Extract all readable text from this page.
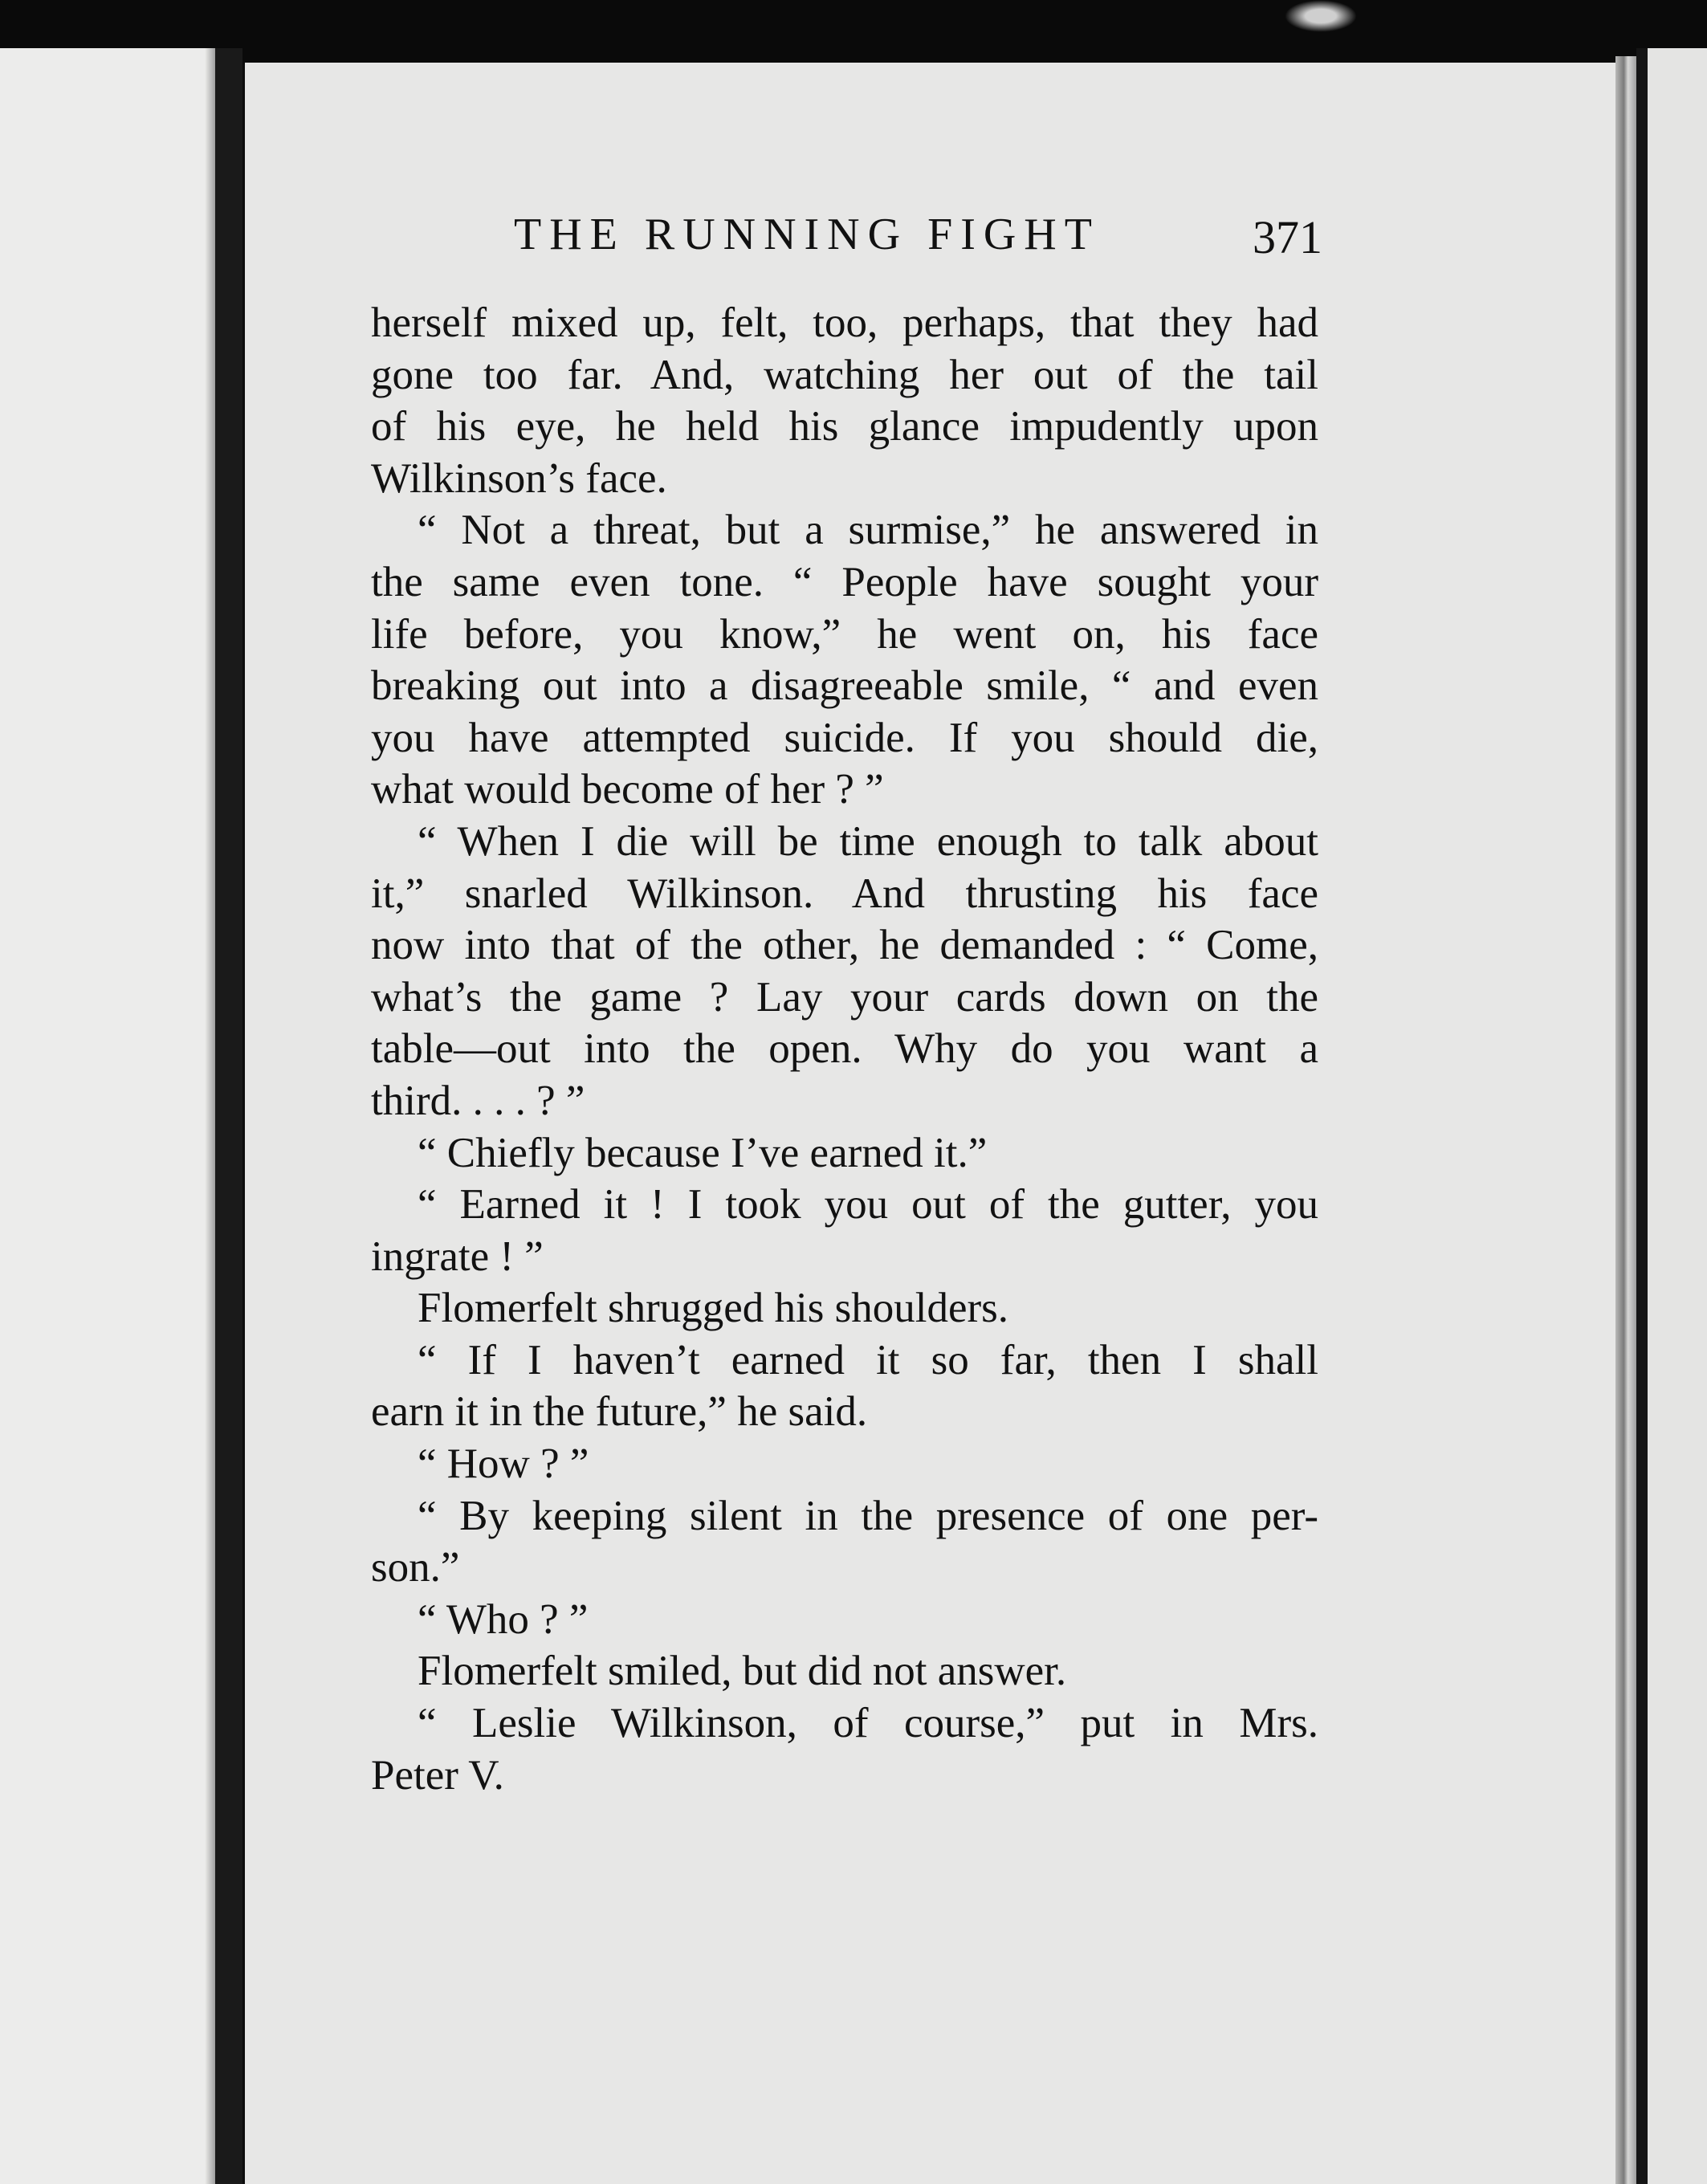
THE RUNNING FIGHT	371
herself mixed up, felt, too, perhaps, that they had
gone too far. And, watching her out of the tail
of his eye, he held his glance impudently upon
Wilkinson’s face.
“ Not a threat, but a surmise,” he answered in
the same even tone. “ People have sought your
life before, you know,” he went on, his face
breaking out into a disagreeable smile, “ and even
you have attempted suicide. If you should die,
what would become of her ? ”
“ When I die will be time enough to talk about
it,” snarled Wilkinson. And thrusting his face
now into that of the other, he demanded : “ Come,
what’s the game ? Lay your cards down on the
table—out into the open. Why do you want a
third. . . . ? ”
“ Chiefly because I’ve earned it.”
“ Earned it ! I took you out of the gutter, you
ingrate ! ”
Flomerfelt shrugged his shoulders.
“ If I haven’t earned it so far, then I shall
earn it in the future,” he said.
“ How ? ”
“ By keeping silent in the presence of one per-
son.”
“ Who ? ”
Flomerfelt smiled, but did not answer.
“ Leslie Wilkinson, of course,” put in Mrs.
Peter V.
